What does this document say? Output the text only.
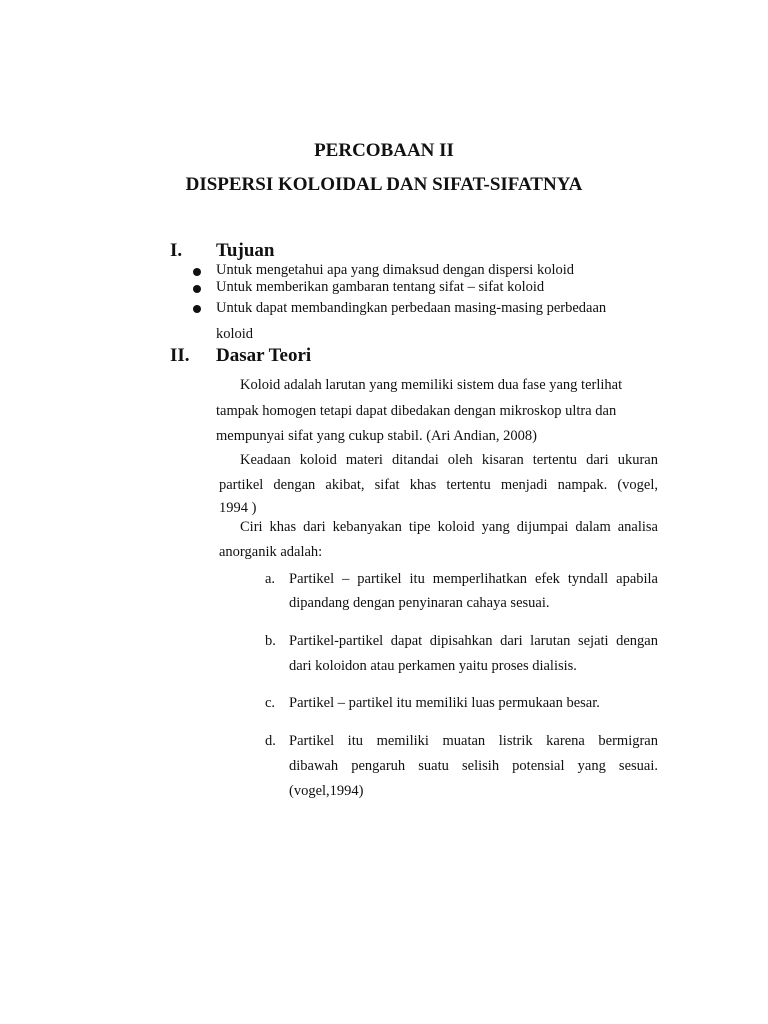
PERCOBAAN II
DISPERSI KOLOIDAL DAN SIFAT-SIFATNYA
I. Tujuan
Untuk mengetahui apa yang dimaksud dengan dispersi koloid
Untuk memberikan gambaran tentang sifat – sifat koloid
Untuk dapat membandingkan perbedaan masing-masing perbedaan
koloid
II. Dasar Teori
Koloid adalah larutan yang memiliki sistem dua fase yang terlihat
tampak homogen tetapi dapat dibedakan dengan mikroskop ultra dan
mempunyai sifat yang cukup stabil. (Ari Andian, 2008)
Keadaan koloid materi ditandai oleh kisaran tertentu dari ukuran
partikel dengan akibat, sifat khas tertentu menjadi nampak. (vogel,
1994 )
Ciri khas dari kebanyakan tipe koloid yang dijumpai dalam analisa
anorganik adalah:
a. Partikel – partikel itu memperlihatkan efek tyndall apabila
dipandang dengan penyinaran cahaya sesuai.
b. Partikel-partikel dapat dipisahkan dari larutan sejati dengan
dari koloidon atau perkamen yaitu proses dialisis.
c. Partikel – partikel itu memiliki luas permukaan besar.
d. Partikel itu memiliki muatan listrik karena bermigran
dibawah pengaruh suatu selisih potensial yang sesuai.
(vogel,1994)
